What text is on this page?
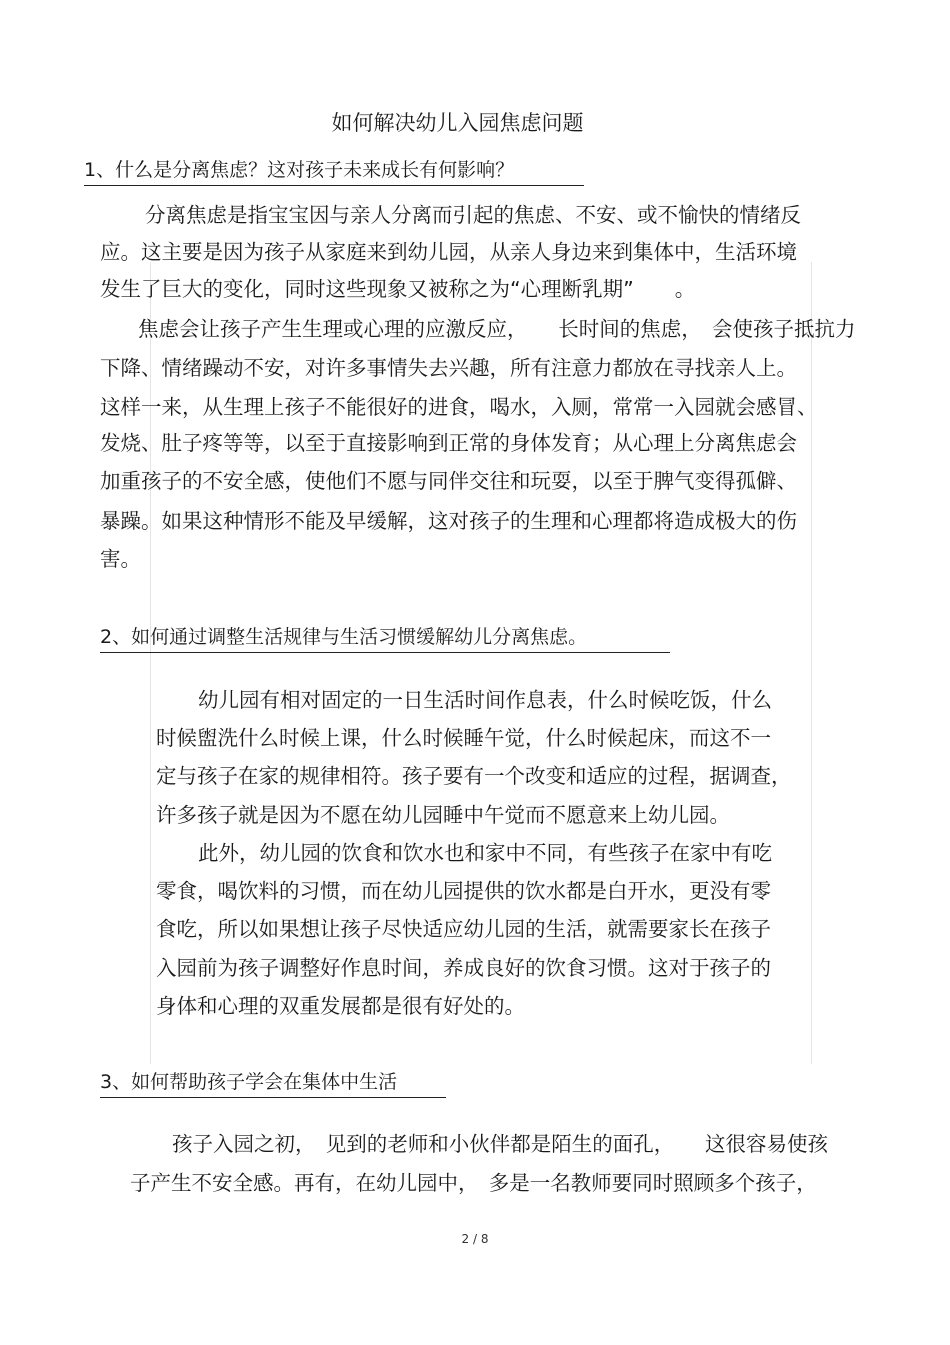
如何解决幼儿入园焦虑问题
1、什么是分离焦虑？这对孩子未来成长有何影响？
分离焦虑是指宝宝因与亲人分离而引起的焦虑、不安、或不愉快的情绪反
应。这主要是因为孩子从家庭来到幼儿园，从亲人身边来到集体中，生活环境
发生了巨大的变化，同时这些现象又被称之为“心理断乳期”　　。
焦虑会让孩子产生生理或心理的应激反应，　　长时间的焦虑，　会使孩子抵抗力
下降、情绪躁动不安，对许多事情失去兴趣，所有注意力都放在寻找亲人上。
这样一来，从生理上孩子不能很好的进食，喝水，入厕，常常一入园就会感冒、
发烧、肚子疼等等，以至于直接影响到正常的身体发育；从心理上分离焦虑会
加重孩子的不安全感，使他们不愿与同伴交往和玩耍，以至于脾气变得孤僻、
暴躁。如果这种情形不能及早缓解，这对孩子的生理和心理都将造成极大的伤
害。
2、如何通过调整生活规律与生活习惯缓解幼儿分离焦虑。
幼儿园有相对固定的一日生活时间作息表，什么时候吃饭，什么
时候盥洗什么时候上课，什么时候睡午觉，什么时候起床，而这不一
定与孩子在家的规律相符。孩子要有一个改变和适应的过程，据调查，
许多孩子就是因为不愿在幼儿园睡中午觉而不愿意来上幼儿园。
此外，幼儿园的饮食和饮水也和家中不同，有些孩子在家中有吃
零食，喝饮料的习惯，而在幼儿园提供的饮水都是白开水，更没有零
食吃，所以如果想让孩子尽快适应幼儿园的生活，就需要家长在孩子
入园前为孩子调整好作息时间，养成良好的饮食习惯。这对于孩子的
身体和心理的双重发展都是很有好处的。
3、如何帮助孩子学会在集体中生活
孩子入园之初，　见到的老师和小伙伴都是陌生的面孔，　　这很容易使孩
子产生不安全感。再有，在幼儿园中，　多是一名教师要同时照顾多个孩子，
2 / 8
